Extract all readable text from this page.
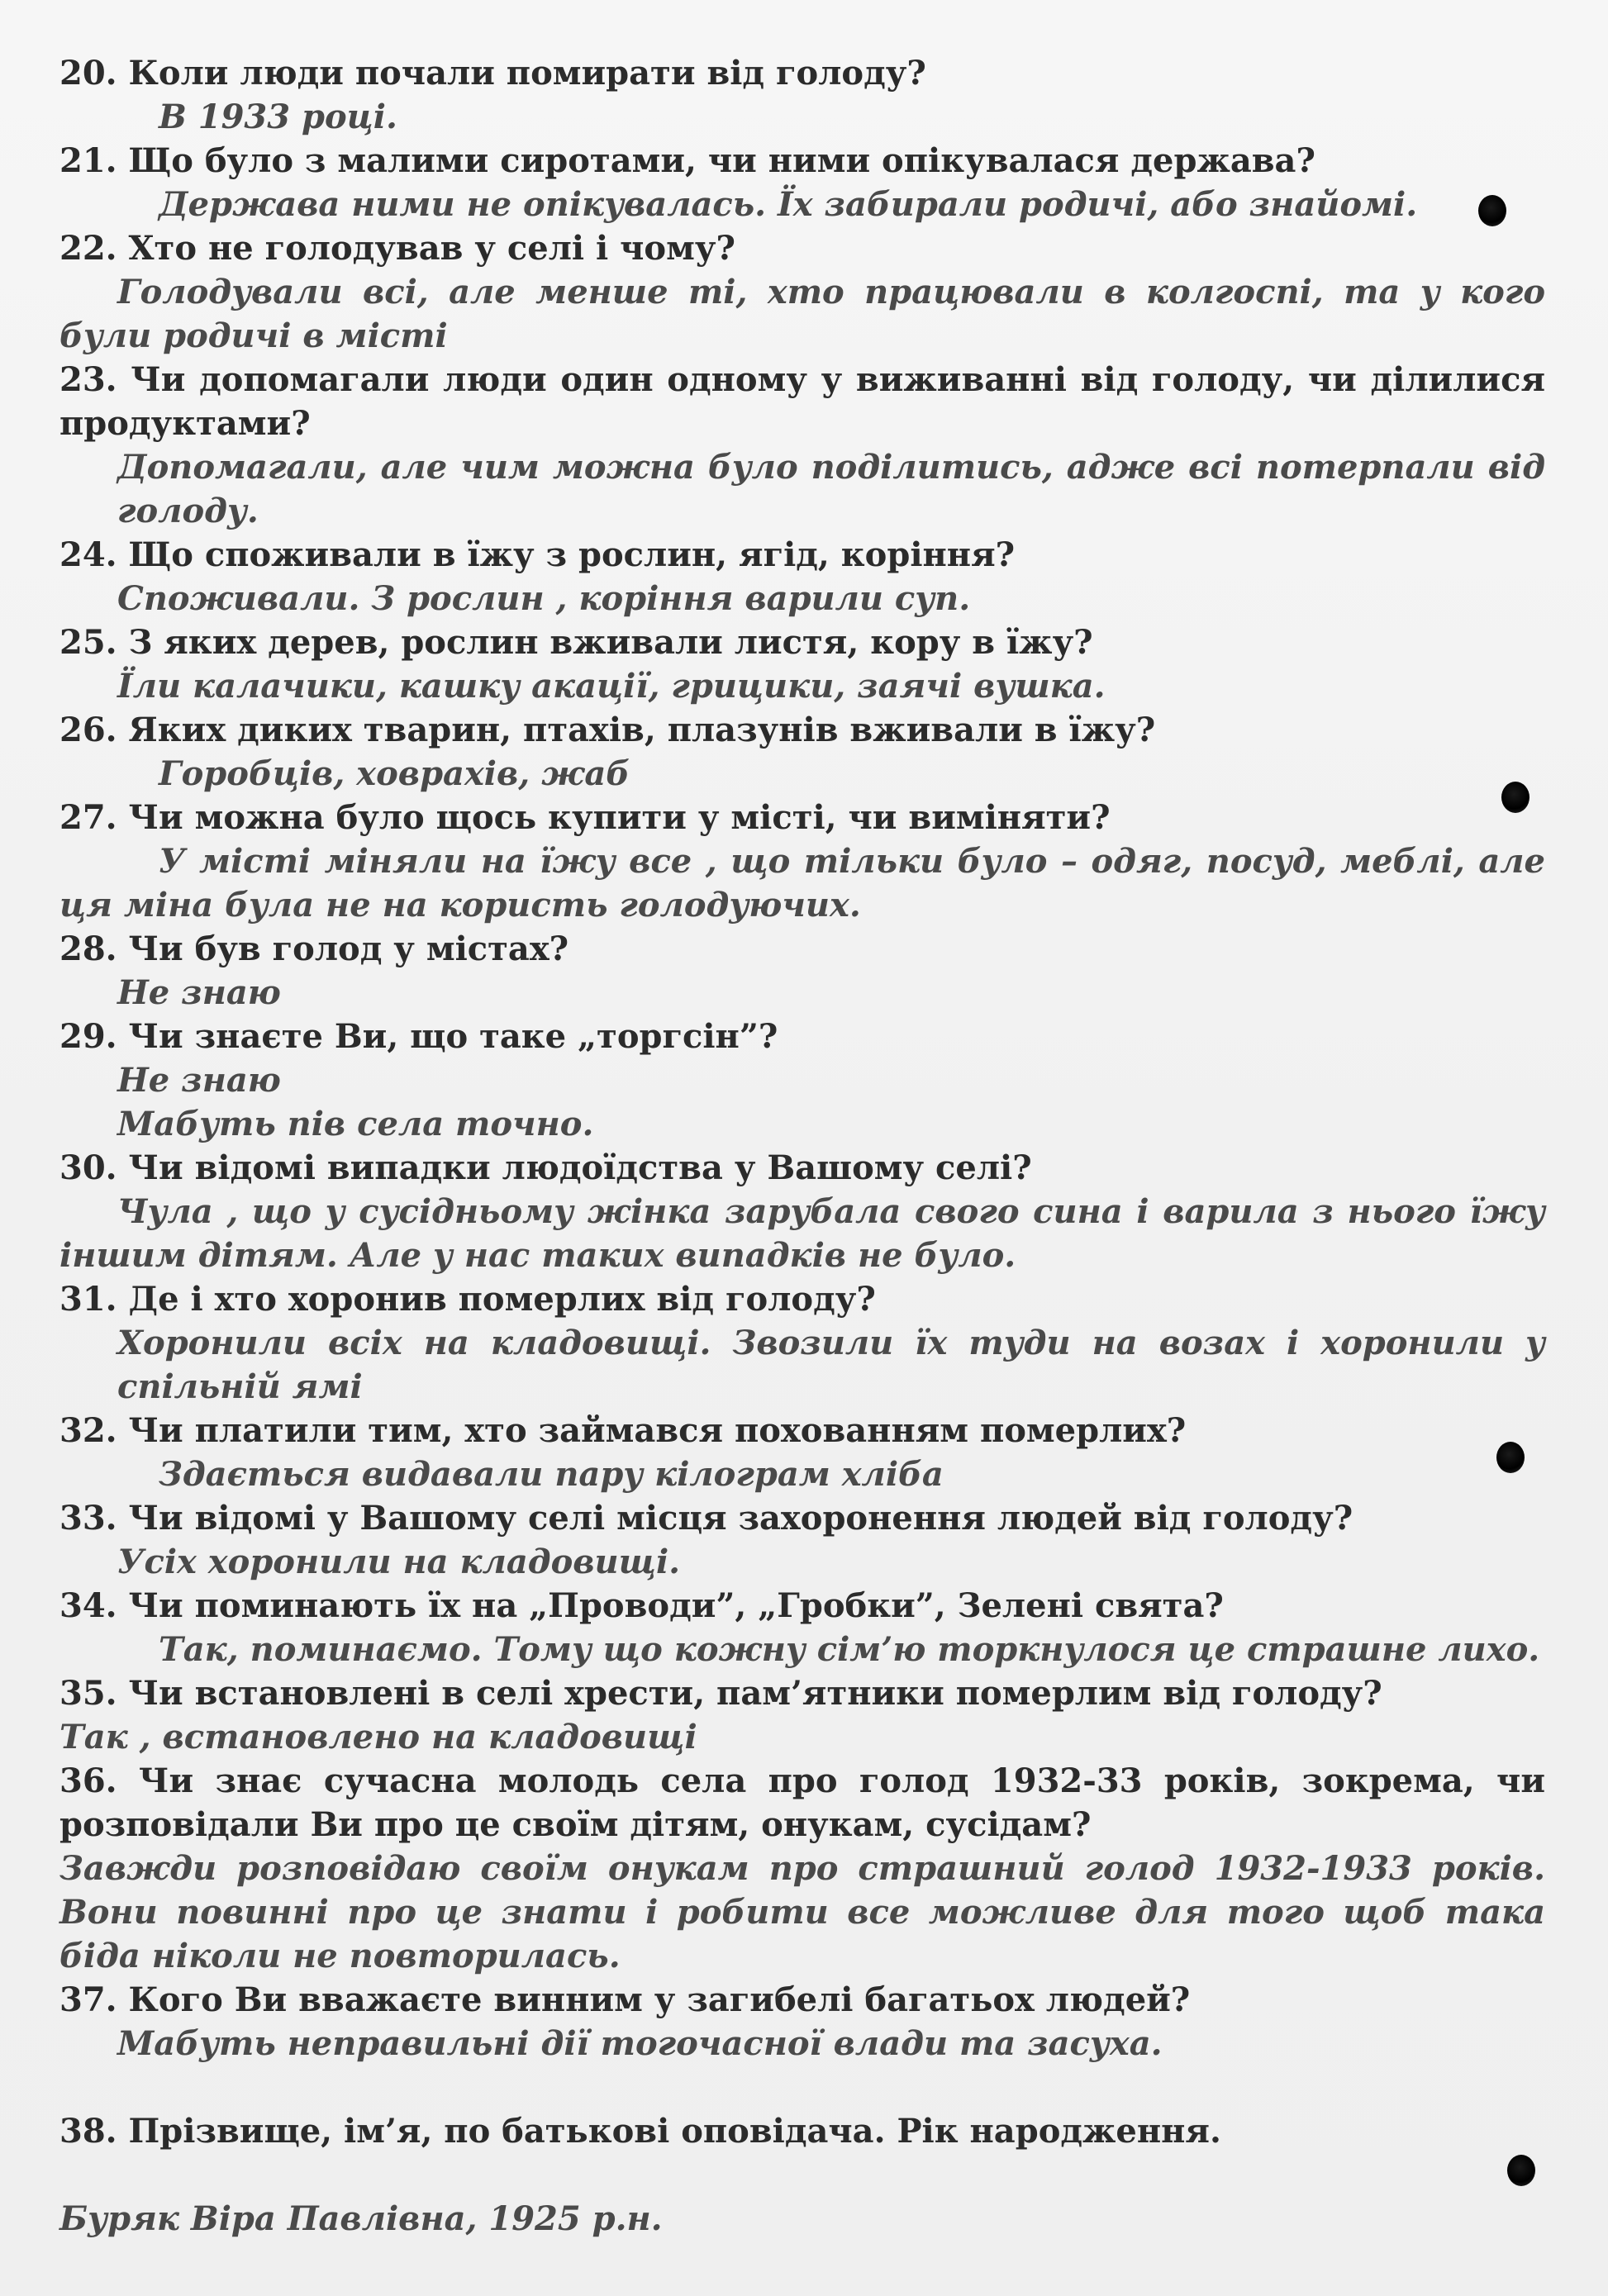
20. Коли люди почали помирати від голоду?
В 1933 році.
21. Що було з малими сиротами, чи ними опікувалася держава?
Держава ними не опікувалась. Їх забирали родичі, або знайомі.
22. Хто не голодував у селі і чому?
Голодували всі, але менше ті, хто працювали в колгоспі, та у кого були родичі в місті
23. Чи допомагали люди один одному у виживанні від голоду, чи ділилися продуктами?
Допомагали, але чим можна було поділитись, адже всі потерпали від голоду.
24. Що споживали в їжу з рослин, ягід, коріння?
Споживали. З рослин , коріння варили суп.
25. З яких дерев, рослин вживали листя, кору в їжу?
Їли калачики, кашку акації, грицики, заячі вушка.
26. Яких диких тварин, птахів, плазунів вживали в їжу?
Горобців, ховрахів, жаб
27. Чи можна було щось купити у місті, чи виміняти?
У місті міняли на їжу все , що тільки було – одяг, посуд, меблі, але ця міна була не на користь голодуючих.
28. Чи був голод у містах?
Не знаю
29. Чи знаєте Ви, що таке „торгсін”?
Не знаю
Мабуть пів села точно.
30. Чи відомі випадки людоїдства у Вашому селі?
Чула , що у сусідньому жінка зарубала свого сина і варила з нього їжу іншим дітям. Але у нас таких випадків не було.
31. Де і хто хоронив померлих від голоду?
Хоронили всіх на кладовищі. Звозили їх туди на возах і хоронили у спільній ямі
32. Чи платили тим, хто займався похованням померлих?
Здається видавали пару кілограм хліба
33. Чи відомі у Вашому селі місця захоронення людей від голоду?
Усіх хоронили на кладовищі.
34. Чи поминають їх на „Проводи”, „Гробки”, Зелені свята?
Так, поминаємо. Тому що кожну сім’ю торкнулося це страшне лихо.
35. Чи встановлені в селі хрести, пам’ятники померлим від голоду?
Так , встановлено на кладовищі
36. Чи знає сучасна молодь села про голод 1932-33 років, зокрема, чи розповідали Ви про це своїм дітям, онукам, сусідам?
Завжди розповідаю своїм онукам про страшний голод 1932-1933 років. Вони повинні про це знати і робити все можливе для того щоб така біда ніколи не повторилась.
37. Кого Ви вважаєте винним у загибелі багатьох людей?
Мабуть неправильні дії тогочасної влади та засуха.
38. Прізвище, ім’я, по батькові оповідача. Рік народження.
Буряк Віра Павлівна, 1925 р.н.
